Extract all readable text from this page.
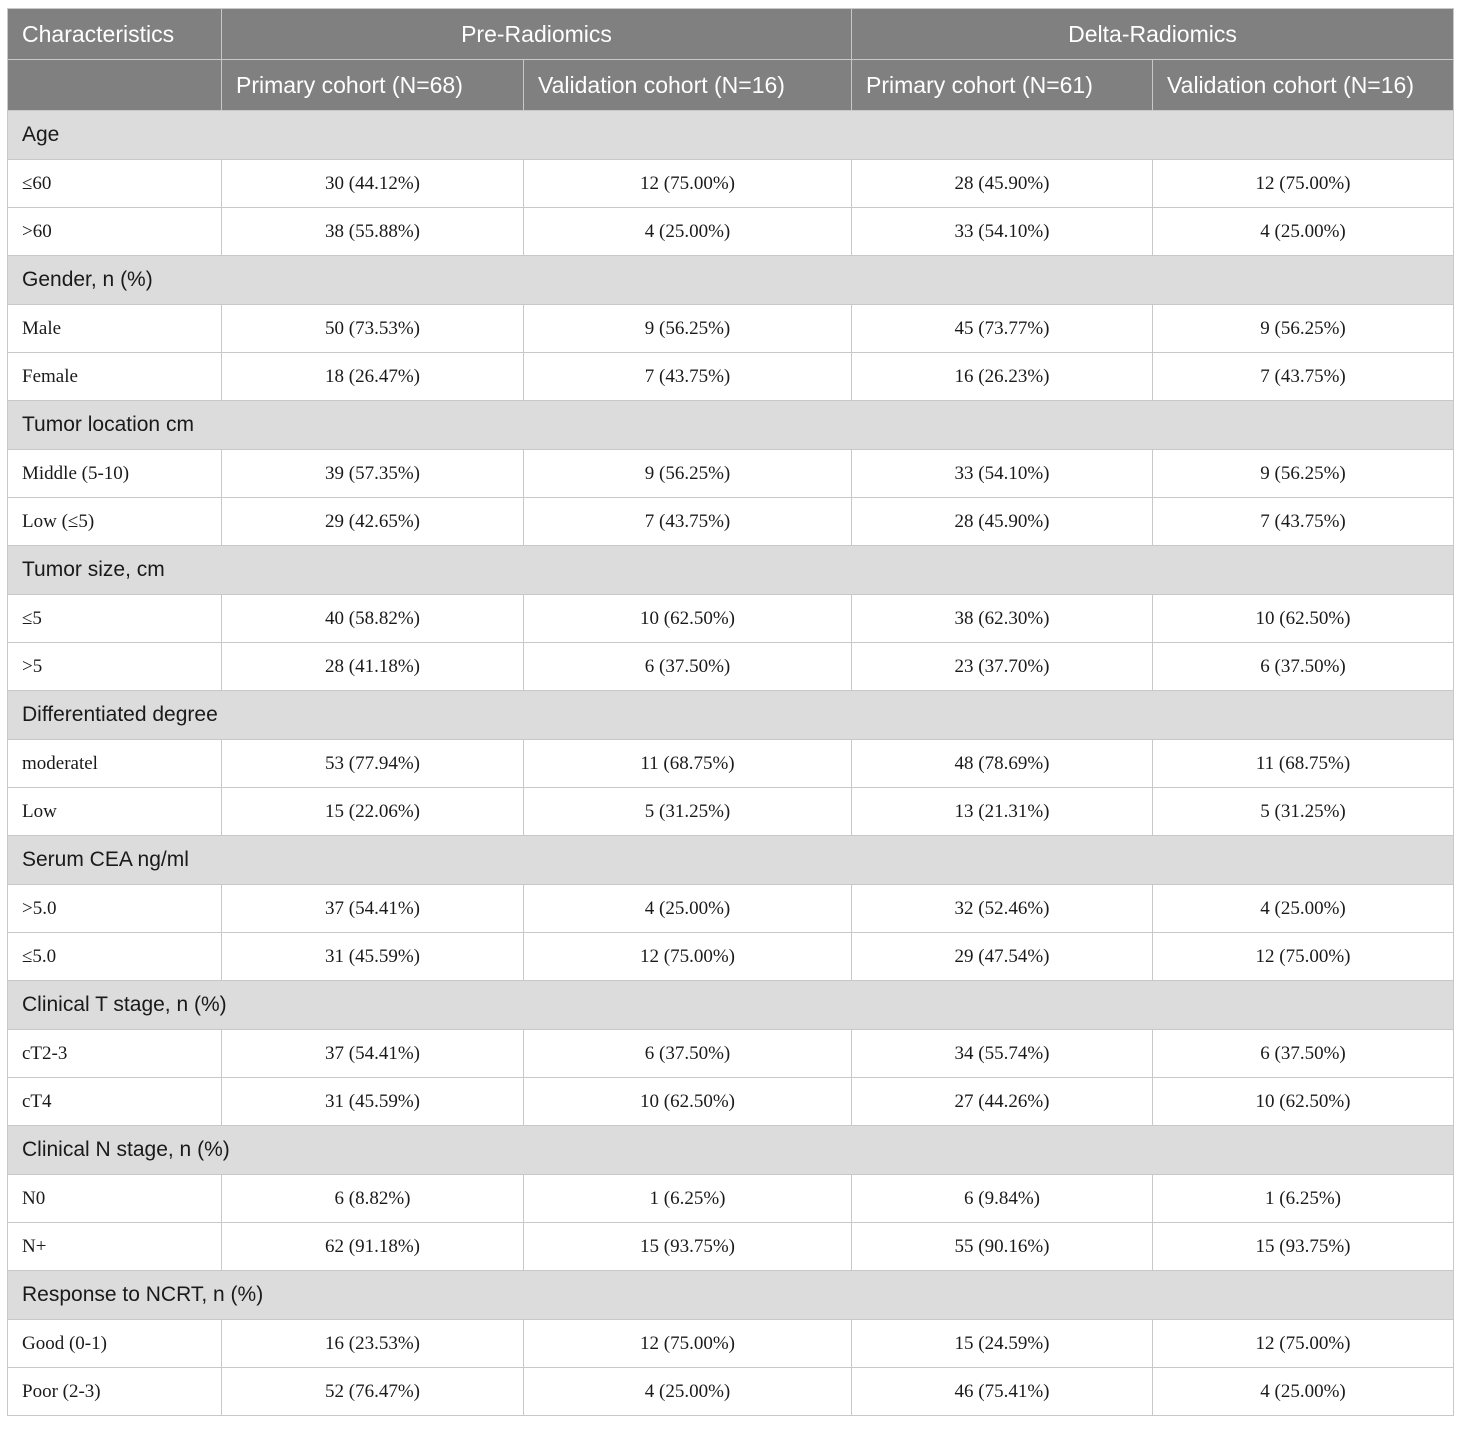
Characteristics	Pre-Radiomics		Delta-Radiomics	
	Primary cohort (N=68)	Validation cohort (N=16)	Primary cohort (N=61)	Validation cohort (N=16)
Age				
≤60	30 (44.12%)	12 (75.00%)	28 (45.90%)	12 (75.00%)
>60	38 (55.88%)	4 (25.00%)	33 (54.10%)	4 (25.00%)
Gender, n (%)				
Male	50 (73.53%)	9 (56.25%)	45 (73.77%)	9 (56.25%)
Female	18 (26.47%)	7 (43.75%)	16 (26.23%)	7 (43.75%)
Tumor location cm				
Middle (5-10)	39 (57.35%)	9 (56.25%)	33 (54.10%)	9 (56.25%)
Low (≤5)	29 (42.65%)	7 (43.75%)	28 (45.90%)	7 (43.75%)
Tumor size, cm				
≤5	40 (58.82%)	10 (62.50%)	38 (62.30%)	10 (62.50%)
>5	28 (41.18%)	6 (37.50%)	23 (37.70%)	6 (37.50%)
Differentiated degree				
moderatel	53 (77.94%)	11 (68.75%)	48 (78.69%)	11 (68.75%)
Low	15 (22.06%)	5 (31.25%)	13 (21.31%)	5 (31.25%)
Serum CEA ng/ml				
>5.0	37 (54.41%)	4 (25.00%)	32 (52.46%)	4 (25.00%)
≤5.0	31 (45.59%)	12 (75.00%)	29 (47.54%)	12 (75.00%)
Clinical T stage, n (%)				
cT2-3	37 (54.41%)	6 (37.50%)	34 (55.74%)	6 (37.50%)
cT4	31 (45.59%)	10 (62.50%)	27 (44.26%)	10 (62.50%)
Clinical N stage, n (%)				
N0	6 (8.82%)	1 (6.25%)	6 (9.84%)	1 (6.25%)
N+	62 (91.18%)	15 (93.75%)	55 (90.16%)	15 (93.75%)
Response to NCRT, n (%)				
Good (0-1)	16 (23.53%)	12 (75.00%)	15 (24.59%)	12 (75.00%)
Poor (2-3)	52 (76.47%)	4 (25.00%)	46 (75.41%)	4 (25.00%)
